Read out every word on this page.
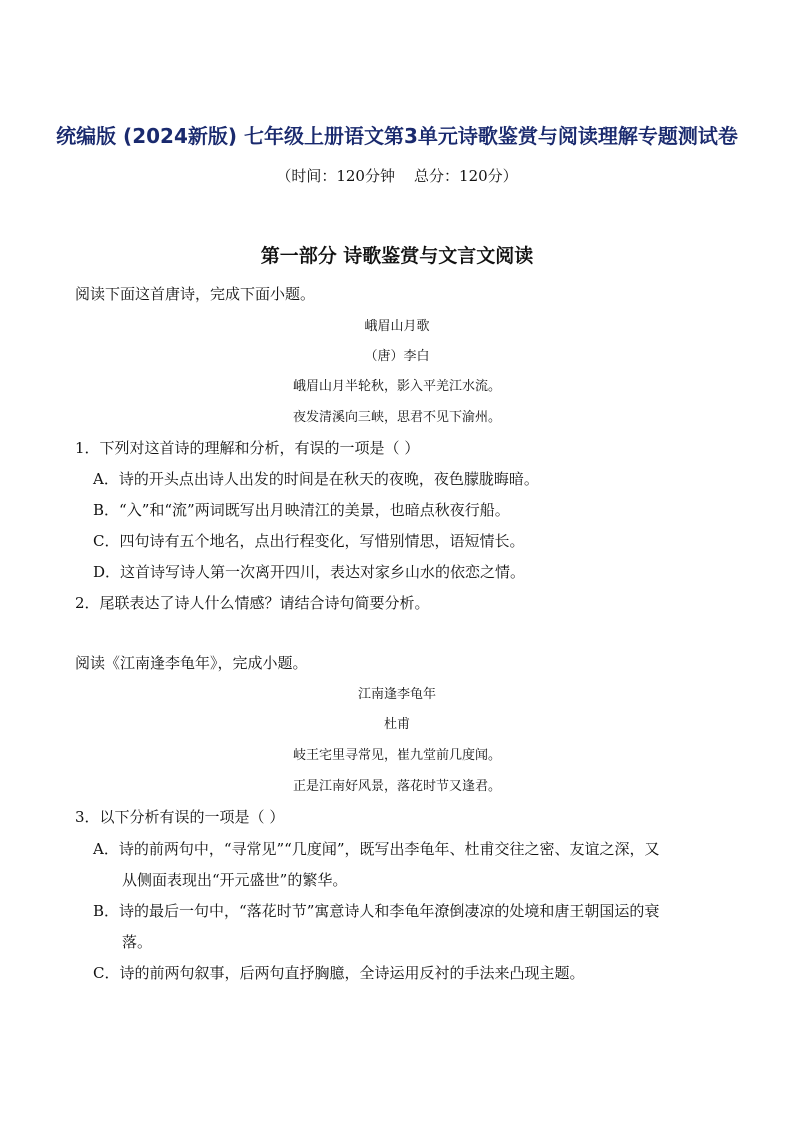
统编版 (2024新版) 七年级上册语文第3单元诗歌鉴赏与阅读理解专题测试卷
（时间：120分钟    总分：120分）
第一部分 诗歌鉴赏与文言文阅读
阅读下面这首唐诗，完成下面小题。
峨眉山月歌
（唐）李白
峨眉山月半轮秋，影入平羌江水流。
夜发清溪向三峡，思君不见下渝州。
1．下列对这首诗的理解和分析，有误的一项是（ ）
A．诗的开头点出诗人出发的时间是在秋天的夜晚，夜色朦胧晦暗。
B．“入”和“流”两词既写出月映清江的美景，也暗点秋夜行船。
C．四句诗有五个地名，点出行程变化，写惜别情思，语短情长。
D．这首诗写诗人第一次离开四川，表达对家乡山水的依恋之情。
2．尾联表达了诗人什么情感？请结合诗句简要分析。
阅读《江南逢李龟年》，完成小题。
江南逢李龟年
杜甫
岐王宅里寻常见，崔九堂前几度闻。
正是江南好风景，落花时节又逢君。
3．以下分析有误的一项是（ ）
A．诗的前两句中，“寻常见”“几度闻”，既写出李龟年、杜甫交往之密、友谊之深，又
从侧面表现出“开元盛世”的繁华。
B．诗的最后一句中，“落花时节”寓意诗人和李龟年潦倒凄凉的处境和唐王朝国运的衰
落。
C．诗的前两句叙事，后两句直抒胸臆，全诗运用反衬的手法来凸现主题。
